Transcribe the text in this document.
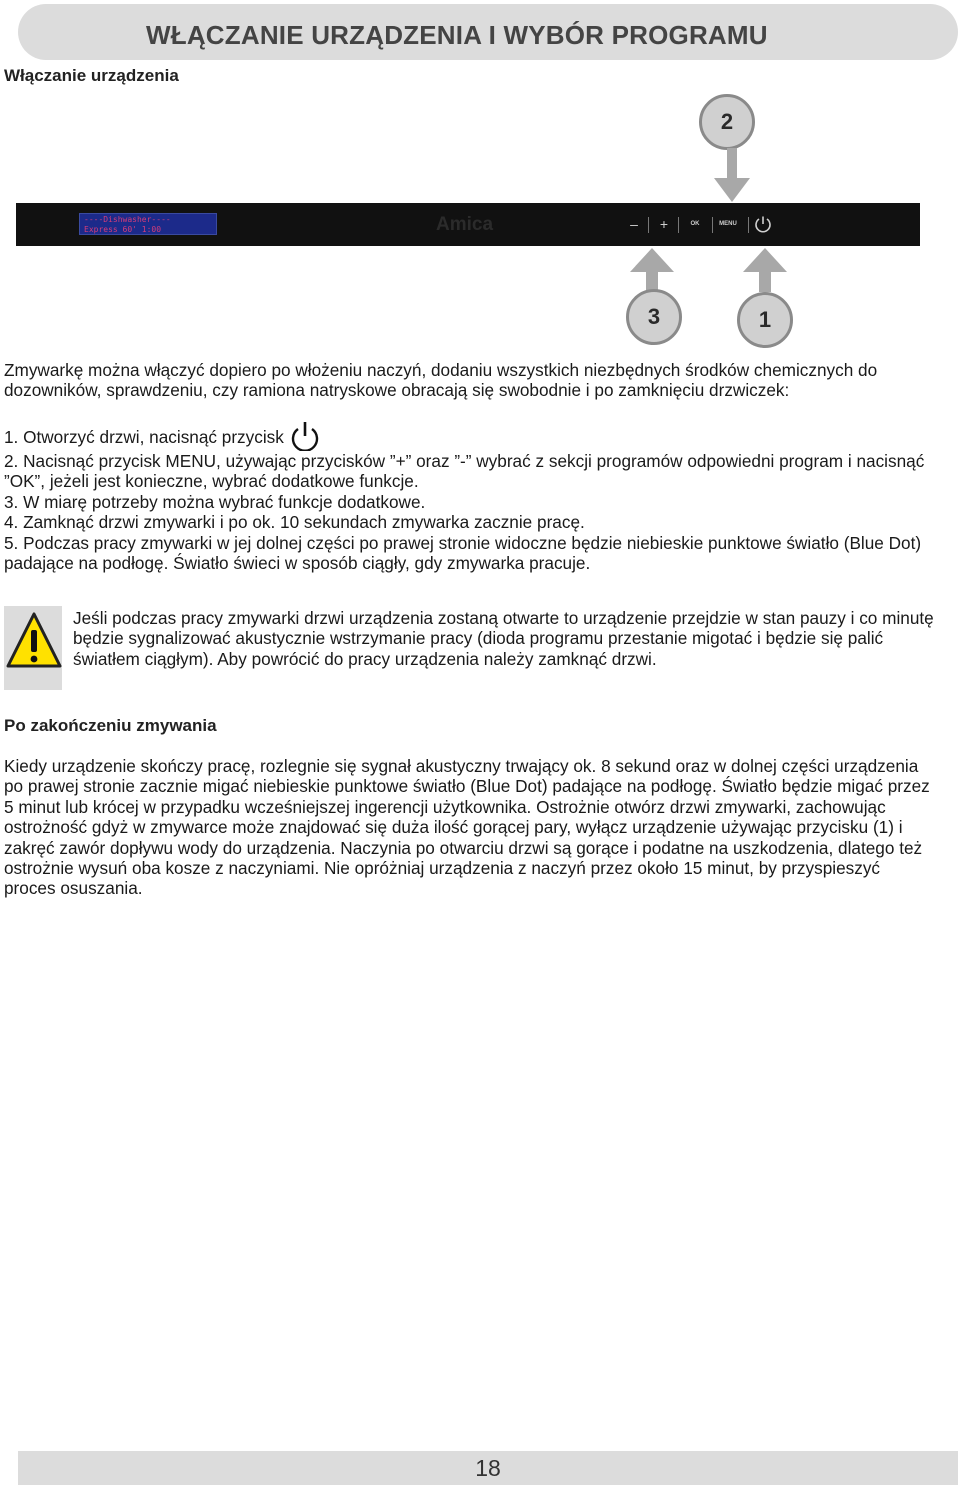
WŁĄCZANIE URZĄDZENIA I WYBÓR PROGRAMU
Włączanie urządzenia
2
----Dishwasher----
Express 60' 1:00	Amica	– +	OK	MENU
3	1

Zmywarkę można włączyć dopiero po włożeniu naczyń, dodaniu wszystkich niezbędnych środków chemicznych do dozowników, sprawdzeniu, czy ramiona natryskowe obracają się swobodnie i po zamknięciu drzwiczek:

1. Otworzyć drzwi, nacisnąć przycisk
2. Nacisnąć przycisk MENU, używając przycisków ”+” oraz ”-” wybrać z sekcji programów odpowiedni program i nacisnąć ”OK”, jeżeli jest konieczne, wybrać dodatkowe funkcje.
3. W miarę potrzeby można wybrać funkcje dodatkowe.
4. Zamknąć drzwi zmywarki i po ok. 10 sekundach zmywarka zacznie pracę.
5. Podczas pracy zmywarki w jej dolnej części po prawej stronie widoczne będzie niebieskie punktowe światło (Blue Dot) padające na podłogę. Światło świeci w sposób ciągły, gdy zmywarka pracuje.

Jeśli podczas pracy zmywarki drzwi urządzenia zostaną otwarte to urządzenie przejdzie w stan pauzy i co minutę będzie sygnalizować akustycznie wstrzymanie pracy (dioda programu przestanie migotać i będzie się palić światłem ciągłym). Aby powrócić do pracy urządzenia należy zamknąć drzwi.

Po zakończeniu zmywania

Kiedy urządzenie skończy pracę, rozlegnie się sygnał akustyczny trwający ok. 8 sekund oraz w dolnej części urządzenia po prawej stronie zacznie migać niebieskie punktowe światło (Blue Dot) padające na podłogę. Światło będzie migać przez 5 minut lub krócej w przypadku wcześniejszej ingerencji użytkownika. Ostrożnie otwórz drzwi zmywarki, zachowując ostrożność gdyż w zmywarce może znajdować się duża ilość gorącej pary, wyłącz urządzenie używając przycisku (1) i zakręć zawór dopływu wody do urządzenia. Naczynia po otwarciu drzwi są gorące i podatne na uszkodzenia, dlatego też ostrożnie wysuń oba kosze z naczyniami. Nie opróżniaj urządzenia z naczyń przez około 15 minut, by przyspieszyć proces osuszania.

18
